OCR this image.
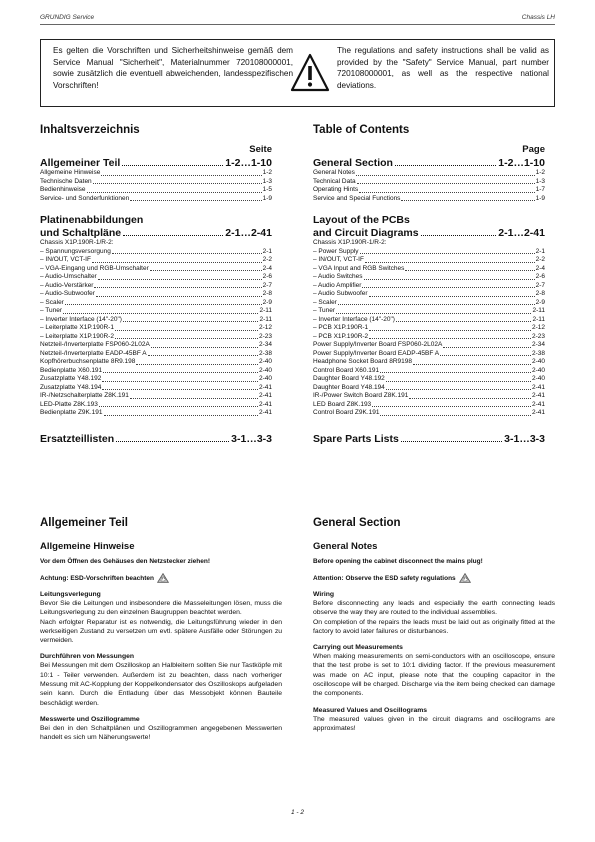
GRUNDIG Service	Chassis LH
Es gelten die Vorschriften und Sicherheitshinweise gemäß dem Service Manual "Sicherheit", Materialnummer 720108000001, sowie zusätzlich die eventuell abweichenden, landesspezifischen Vorschriften!
The regulations and safety instructions shall be valid as provided by the "Safety" Service Manual, part number 720108000001, as well as the respective national deviations.
Inhaltsverzeichnis
Seite
Allgemeiner Teil	1-2…1-10
Allgemeine Hinweise	1-2
Technische Daten	1-3
Bedienhinweise	1-5
Service- und Sonderfunktionen	1-9
Platinenabbildungen
und Schaltpläne	2-1…2-41
Chassis X1P.190R-1/R-2:
– Spannungsversorgung	2-1
– IN/OUT, VCT-IF	2-2
– VGA-Eingang und RGB-Umschalter	2-4
– Audio-Umschalter	2-6
– Audio-Verstärker	2-7
– Audio-Subwoofer	2-8
– Scaler	2-9
– Tuner	2-11
– Inverter Interface (14"-20")	2-11
– Leiterplatte X1P.190R-1	2-12
– Leiterplatte X1P.190R-2	2-23
Netzteil-/Inverterplatte FSP060-2L02A	2-34
Netzteil-/Inverterplatte EADP-45BF A	2-38
Kopfhörerbuchsenplatte 8R9.198	2-40
Bedienplatte X60.191	2-40
Zusatzplatte Y48.192	2-40
Zusatzplatte Y48.194	2-41
IR-/Netzschalterplatte Z8K.191	2-41
LED-Platte Z8K.193	2-41
Bedienplatte Z9K.191	2-41
Ersatzteillisten	3-1…3-3
Table of Contents
Page
General Section	1-2…1-10
General Notes	1-2
Technical Data	1-3
Operating Hints	1-7
Service and Special Functions	1-9
Layout of the PCBs
and Circuit Diagrams	2-1…2-41
Chassis X1P.190R-1/R-2:
– Power Supply	2-1
– IN/OUT, VCT-IF	2-2
– VGA Input and RGB Switches	2-4
– Audio Switches	2-6
– Audio Amplifier	2-7
– Audio Subwoofer	2-8
– Scaler	2-9
– Tuner	2-11
– Inverter Interface (14"-20")	2-11
– PCB X1P.190R-1	2-12
– PCB X1P.190R-2	2-23
Power Supply/Inverter Board FSP060-2L02A	2-34
Power Supply/Inverter Board EADP-45BF A	2-38
Headphone Socket Board 8R9198	2-40
Control Board X60.191	2-40
Daughter Board Y48.192	2-40
Daughter Board Y48.194	2-41
IR-/Power Switch Board Z8K.191	2-41
LED Board Z8K.193	2-41
Control Board Z9K.191	2-41
Spare Parts Lists	3-1…3-3
Allgemeiner Teil
Allgemeine Hinweise
Vor dem Öffnen des Gehäuses den Netzstecker ziehen!
Achtung: ESD-Vorschriften beachten
Leitungsverlegung
Bevor Sie die Leitungen und insbesondere die Masseleitungen lösen, muss die Leitungsverlegung zu den einzelnen Baugruppen beachtet werden.
Nach erfolgter Reparatur ist es notwendig, die Leitungsführung wieder in den werkseitigen Zustand zu versetzen um evtl. spätere Ausfälle oder Störungen zu vermeiden.
Durchführen von Messungen
Bei Messungen mit dem Oszilloskop an Halbleitern sollten Sie nur Tastköpfe mit 10:1 - Teiler verwenden. Außerdem ist zu beachten, dass nach vorheriger Messung mit AC-Kopplung der Koppelkondensator des Oszilloskops aufgeladen sein kann. Durch die Entladung über das Messobjekt können Bauteile beschädigt werden.
Messwerte und Oszillogramme
Bei den in den Schaltplänen und Oszillogrammen angegebenen Messwerten handelt es sich um Näherungswerte!
General Section
General Notes
Before opening the cabinet disconnect the mains plug!
Attention: Observe the ESD safety regulations
Wiring
Before disconnecting any leads and especially the earth connecting leads observe the way they are routed to the individual assemblies.
On completion of the repairs the leads must be laid out as originally fitted at the factory to avoid later failures or disturbances.
Carrying out Measurements
When making measurements on semi-conductors with an oscilloscope, ensure that the test probe is set to 10:1 dividing factor. If the previous measurement was made on AC input, please note that the coupling capacitor in the oscilloscope will be charged. Discharge via the item being checked can damage the components.
Measured Values and Oscillograms
The measured values given in the circuit diagrams and oscillograms are approximates!
1 - 2
